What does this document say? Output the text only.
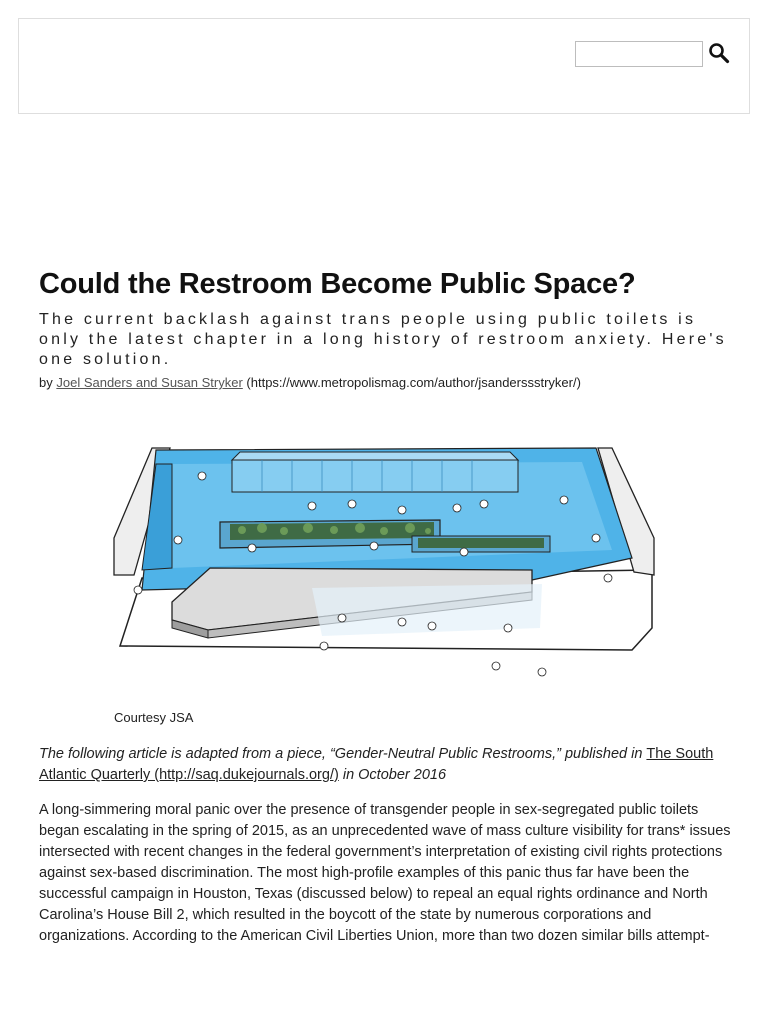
Could the Restroom Become Public Space?

The current backlash against trans people using public toilets is only the latest chapter in a long history of restroom anxiety. Here's one solution.

by Joel Sanders and Susan Stryker (https://www.metropolismag.com/author/jsanderssstryker/)
Courtesy JSA

The following article is adapted from a piece, “Gender-Neutral Public Restrooms,” published in The South Atlantic Quarterly (http://saq.dukejournals.org/) in October 2016

A long-simmering moral panic over the presence of transgender people in sex-segregated public toilets began escalating in the spring of 2015, as an unprecedented wave of mass culture visibility for trans* issues intersected with recent changes in the federal government’s interpretation of existing civil rights protections against sex-based discrimination. The most high-profile examples of this panic thus far have been the successful campaign in Houston, Texas (discussed below) to repeal an equal rights ordinance and North Carolina’s House Bill 2, which resulted in the boycott of the state by numerous corporations and organizations. According to the American Civil Liberties Union, more than two dozen similar bills attempt-
